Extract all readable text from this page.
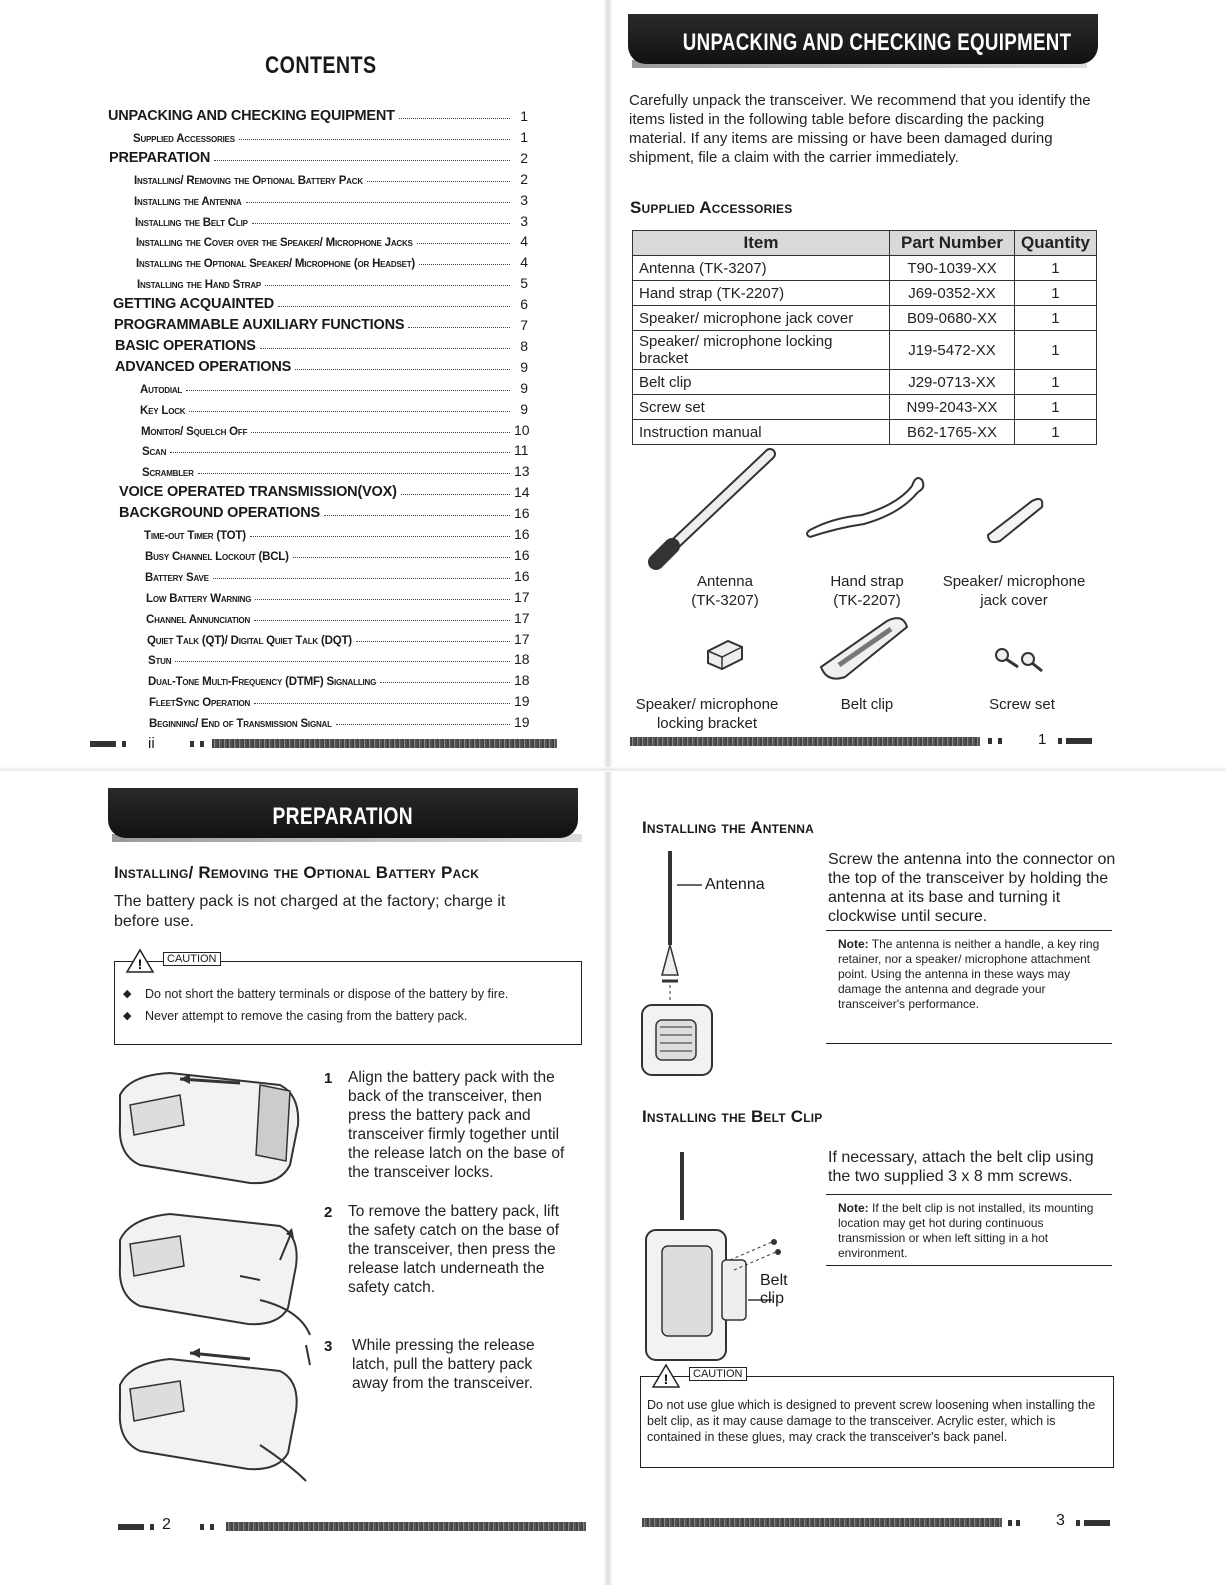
CONTENTS
UNPACKING AND CHECKING EQUIPMENT	1
Supplied Accessories	1
PREPARATION	2
Installing/ Removing the Optional Battery Pack	2
Installing the Antenna	3
Installing the Belt Clip	3
Installing the Cover over the Speaker/ Microphone Jacks	4
Installing the Optional Speaker/ Microphone (or Headset)	4
Installing the Hand Strap	5
GETTING ACQUAINTED	6
PROGRAMMABLE AUXILIARY FUNCTIONS	7
BASIC OPERATIONS	8
ADVANCED OPERATIONS	9
Autodial	9
Key Lock	9
Monitor/ Squelch Off	10
Scan	11
Scrambler	13
VOICE OPERATED TRANSMISSION(VOX)	14
BACKGROUND OPERATIONS	16
Time-out Timer (TOT)	16
Busy Channel Lockout (BCL)	16
Battery Save	16
Low Battery Warning	17
Channel Annunciation	17
Quiet Talk (QT)/ Digital Quiet Talk (DQT)	17
Stun	18
Dual-Tone Multi-Frequency (DTMF) Signalling	18
FleetSync Operation	19
Beginning/ End of Transmission Signal	19
ii
UNPACKING AND CHECKING EQUIPMENT
Carefully unpack the transceiver. We recommend that you identify the items listed in the following table before discarding the packing material. If any items are missing or have been damaged during shipment, file a claim with the carrier immediately.
Supplied Accessories
Item	Part Number	Quantity
Antenna (TK-3207)	T90-1039-XX	1
Hand strap (TK-2207)	J69-0352-XX	1
Speaker/ microphone jack cover	B09-0680-XX	1
Speaker/ microphone locking bracket	J19-5472-XX	1
Belt clip	J29-0713-XX	1
Screw set	N99-2043-XX	1
Instruction manual	B62-1765-XX	1
Antenna
(TK-3207)
Hand strap
(TK-2207)
Speaker/ microphone
jack cover
Speaker/ microphone
locking bracket
Belt clip	Screw set
1
PREPARATION
Installing/ Removing the Optional Battery Pack
The battery pack is not charged at the factory; charge it before use.
!	CAUTION
◆	Do not short the battery terminals or dispose of the battery by fire.
◆	Never attempt to remove the casing from the battery pack.
1 Align the battery pack with the back of the transceiver, then press the battery pack and transceiver firmly together until the release latch on the base of the transceiver locks.
2 To remove the battery pack, lift the safety catch on the base of the transceiver, then press the release latch underneath the safety catch.
3 While pressing the release latch, pull the battery pack away from the transceiver.
2
Installing the Antenna
Antenna
Screw the antenna into the connector on the top of the transceiver by holding the antenna at its base and turning it clockwise until secure.
Note: The antenna is neither a handle, a key ring retainer, nor a speaker/ microphone attachment point. Using the antenna in these ways may damage the antenna and degrade your transceiver's performance.
Installing the Belt Clip
Belt
clip
If necessary, attach the belt clip using the two supplied 3 x 8 mm screws.
Note: If the belt clip is not installed, its mounting location may get hot during continuous transmission or when left sitting in a hot environment.
!	CAUTION
Do not use glue which is designed to prevent screw loosening when installing the belt clip, as it may cause damage to the transceiver. Acrylic ester, which is contained in these glues, may crack the transceiver's back panel.
3
